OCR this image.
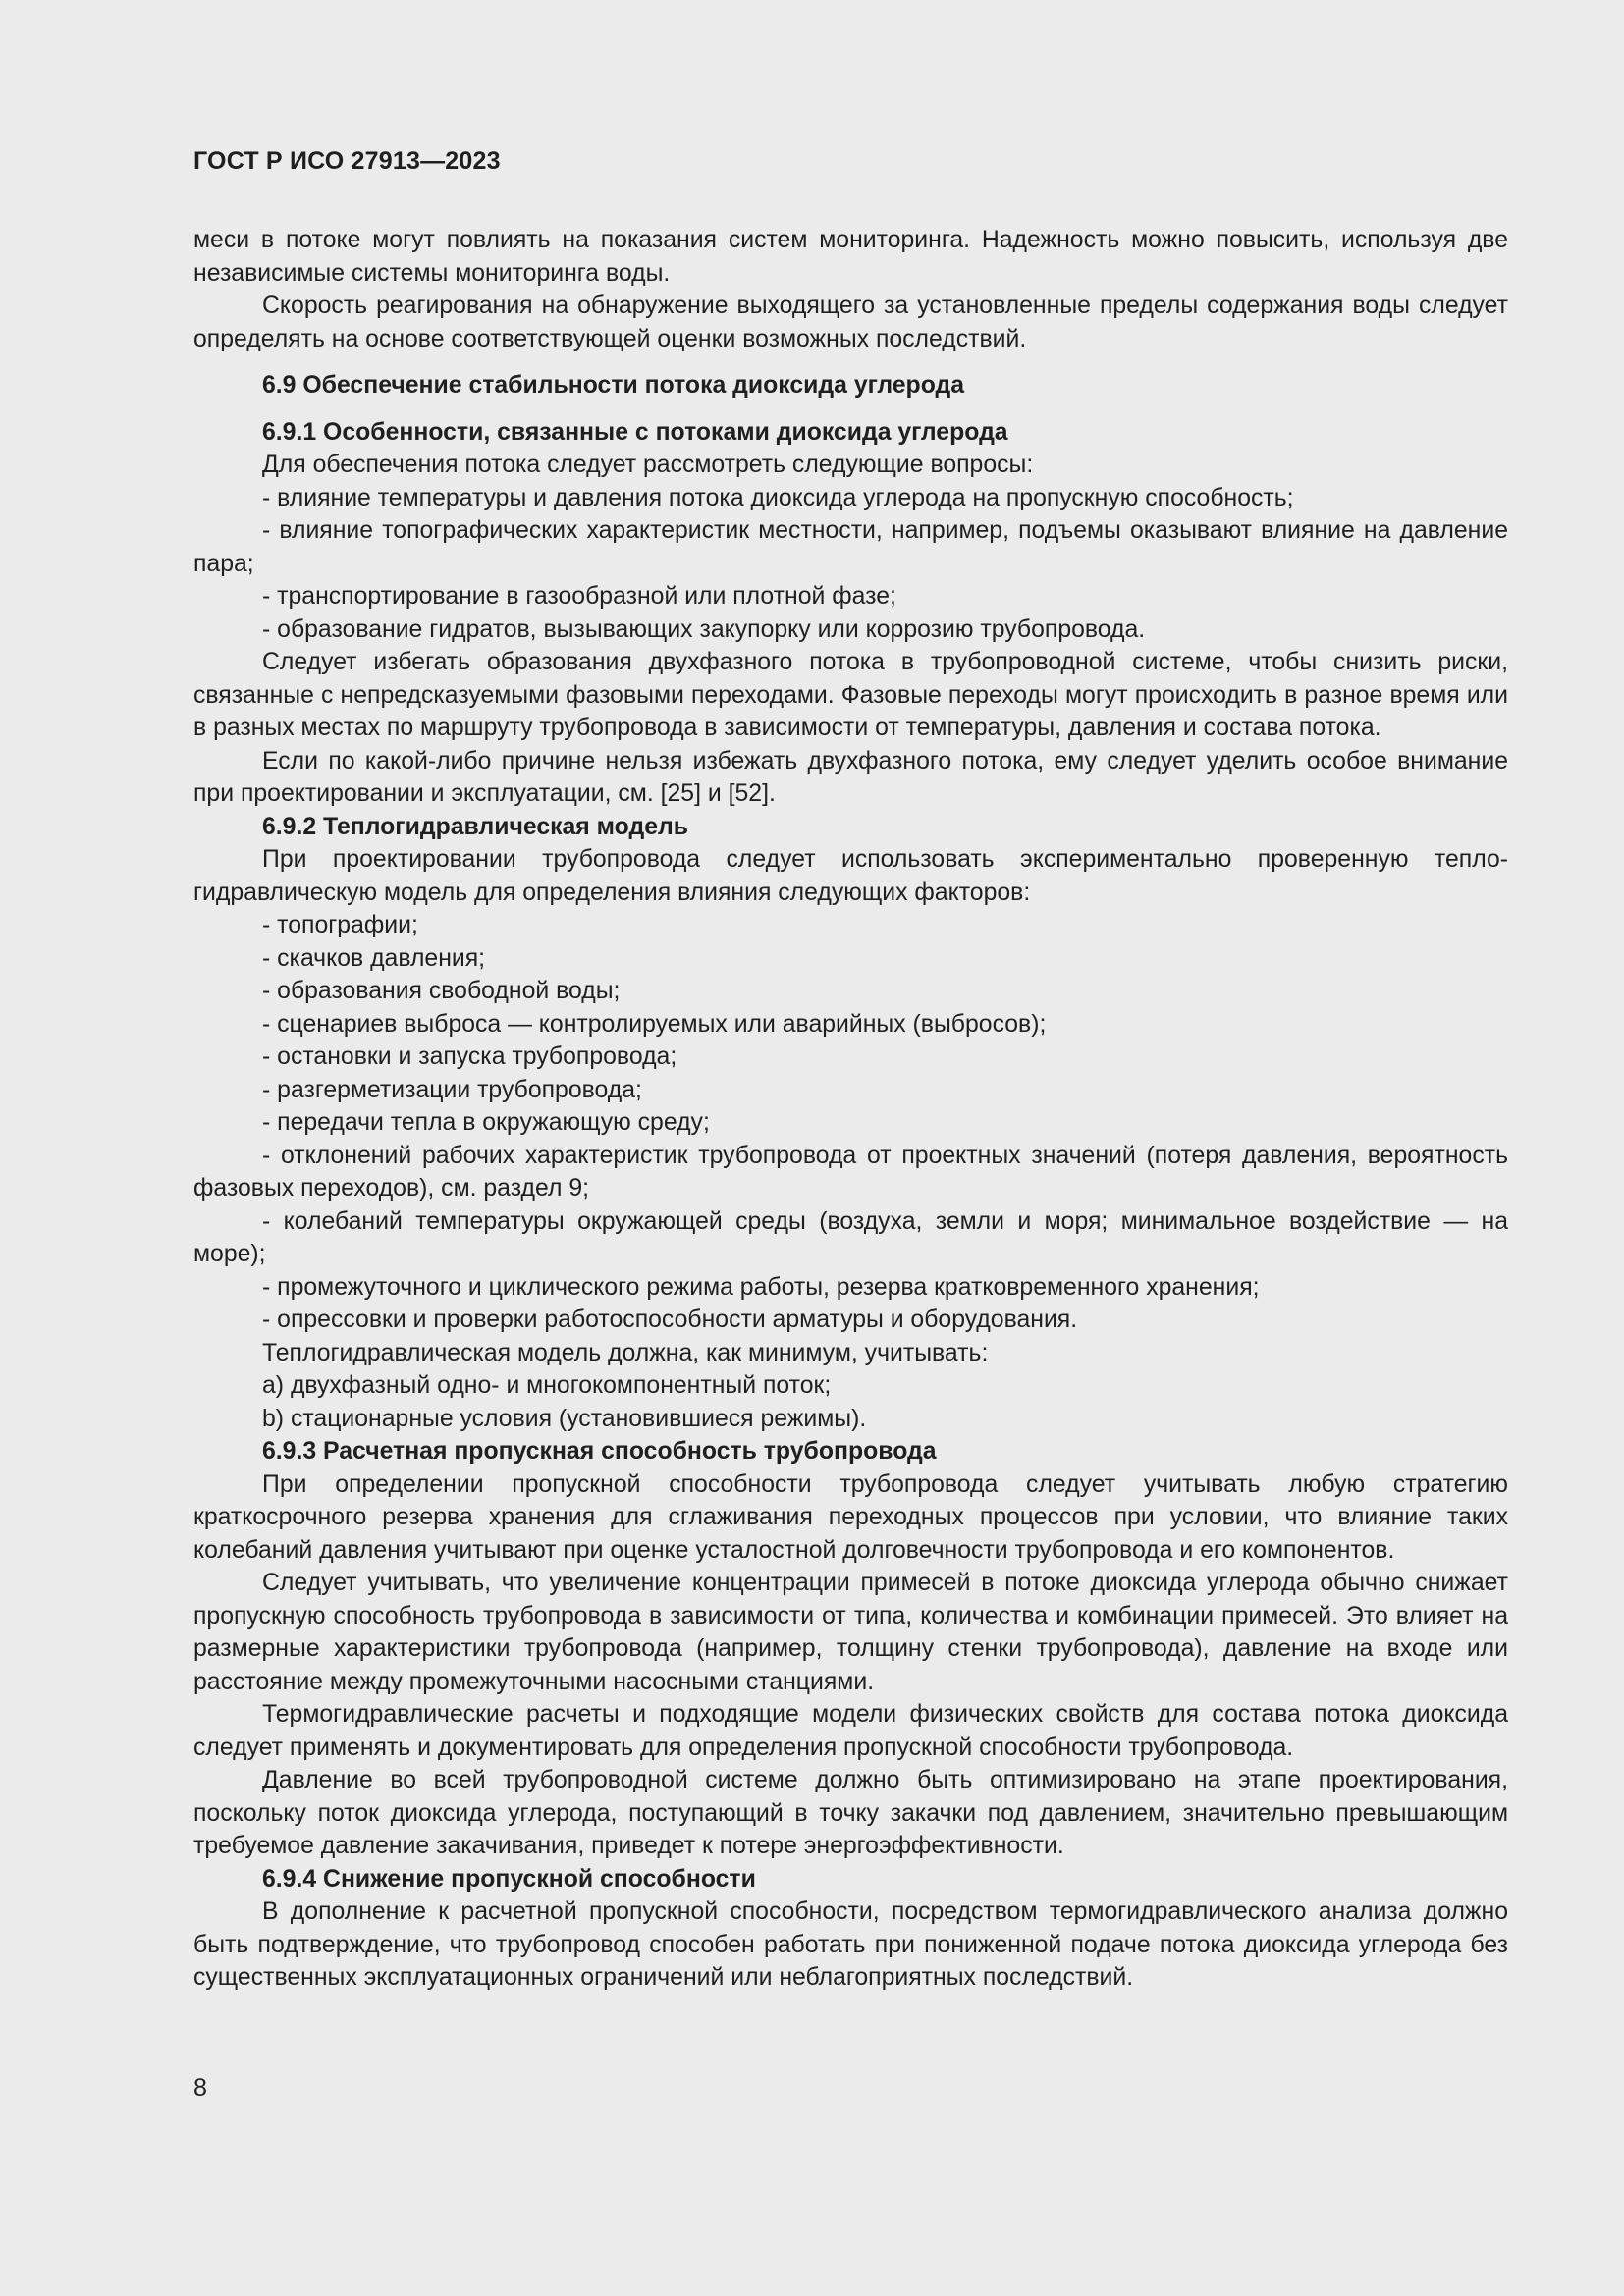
ГОСТ Р ИСО 27913—2023

меси в потоке могут повлиять на показания систем мониторинга. Надежность можно повысить, используя две независимые системы мониторинга воды.

Скорость реагирования на обнаружение выходящего за установленные пределы содержания воды следует определять на основе соответствующей оценки возможных последствий.

6.9 Обеспечение стабильности потока диоксида углерода

6.9.1 Особенности, связанные с потоками диоксида углерода

Для обеспечения потока следует рассмотреть следующие вопросы:

- влияние температуры и давления потока диоксида углерода на пропускную способность;

- влияние топографических характеристик местности, например, подъемы оказывают влияние на давление пара;

- транспортирование в газообразной или плотной фазе;

- образование гидратов, вызывающих закупорку или коррозию трубопровода.

Следует избегать образования двухфазного потока в трубопроводной системе, чтобы снизить риски, связанные с непредсказуемыми фазовыми переходами. Фазовые переходы могут происходить в разное время или в разных местах по маршруту трубопровода в зависимости от температуры, давления и состава потока.

Если по какой-либо причине нельзя избежать двухфазного потока, ему следует уделить особое внимание при проектировании и эксплуатации, см. [25] и [52].

6.9.2 Теплогидравлическая модель

При проектировании трубопровода следует использовать экспериментально проверенную теплогидравлическую модель для определения влияния следующих факторов:

- топографии;

- скачков давления;

- образования свободной воды;

- сценариев выброса — контролируемых или аварийных (выбросов);

- остановки и запуска трубопровода;

- разгерметизации трубопровода;

- передачи тепла в окружающую среду;

- отклонений рабочих характеристик трубопровода от проектных значений (потеря давления, вероятность фазовых переходов), см. раздел 9;

- колебаний температуры окружающей среды (воздуха, земли и моря; минимальное воздействие — на море);

- промежуточного и циклического режима работы, резерва кратковременного хранения;

- опрессовки и проверки работоспособности арматуры и оборудования.

Теплогидравлическая модель должна, как минимум, учитывать:

a) двухфазный одно- и многокомпонентный поток;

b) стационарные условия (установившиеся режимы).

6.9.3 Расчетная пропускная способность трубопровода

При определении пропускной способности трубопровода следует учитывать любую стратегию краткосрочного резерва хранения для сглаживания переходных процессов при условии, что влияние таких колебаний давления учитывают при оценке усталостной долговечности трубопровода и его компонентов.

Следует учитывать, что увеличение концентрации примесей в потоке диоксида углерода обычно снижает пропускную способность трубопровода в зависимости от типа, количества и комбинации примесей. Это влияет на размерные характеристики трубопровода (например, толщину стенки трубопровода), давление на входе или расстояние между промежуточными насосными станциями.

Термогидравлические расчеты и подходящие модели физических свойств для состава потока диоксида следует применять и документировать для определения пропускной способности трубопровода.

Давление во всей трубопроводной системе должно быть оптимизировано на этапе проектирования, поскольку поток диоксида углерода, поступающий в точку закачки под давлением, значительно превышающим требуемое давление закачивания, приведет к потере энергоэффективности.

6.9.4 Снижение пропускной способности

В дополнение к расчетной пропускной способности, посредством термогидравлического анализа должно быть подтверждение, что трубопровод способен работать при пониженной подаче потока диоксида углерода без существенных эксплуатационных ограничений или неблагоприятных последствий.

8
